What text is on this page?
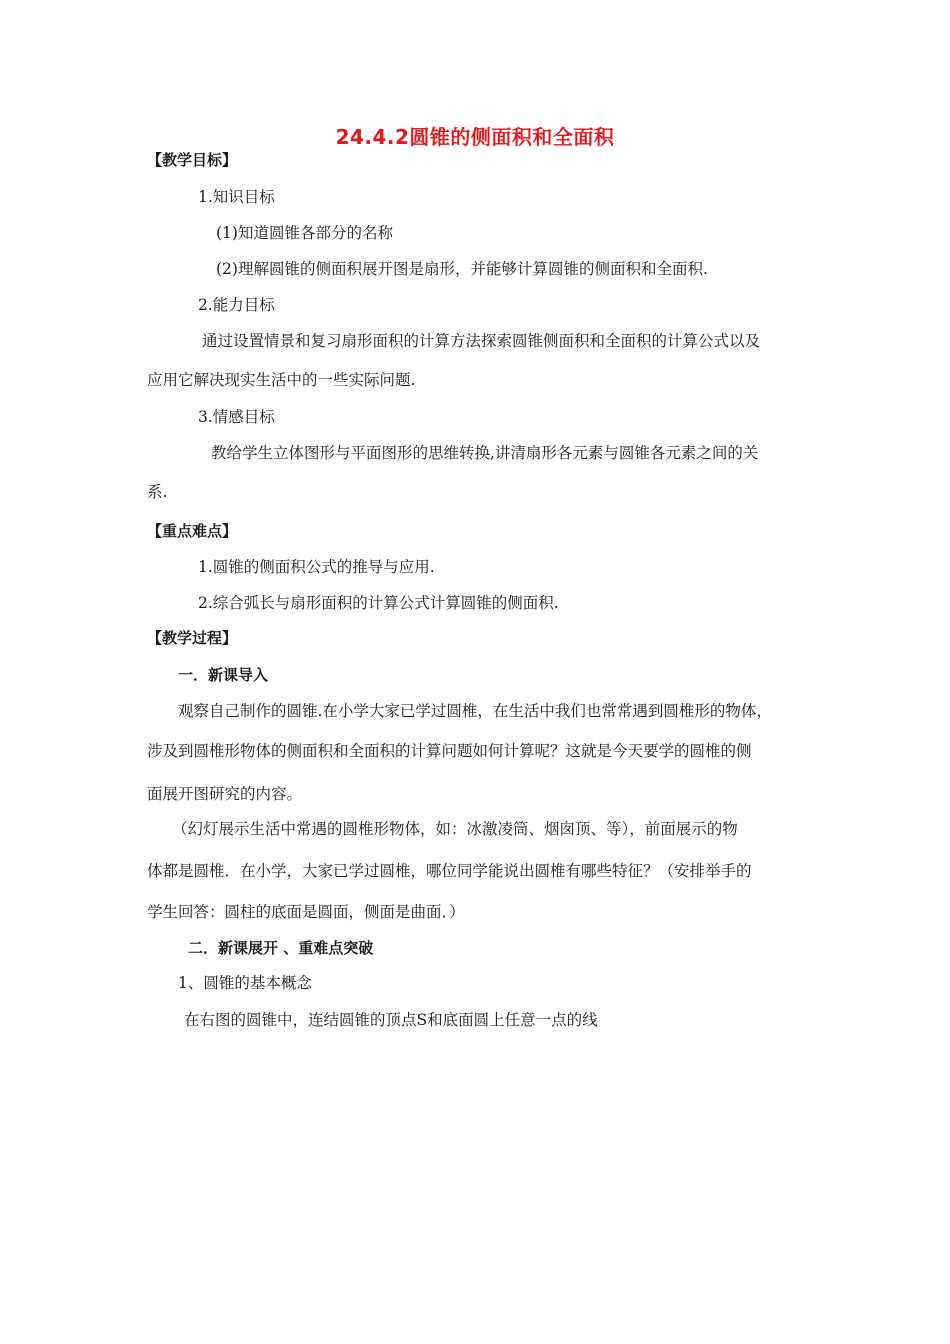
24.4.2圆锥的侧面积和全面积
【教学目标】
1.知识目标
(1)知道圆锥各部分的名称
(2)理解圆锥的侧面积展开图是扇形，并能够计算圆锥的侧面积和全面积.
2.能力目标
通过设置情景和复习扇形面积的计算方法探索圆锥侧面积和全面积的计算公式以及
应用它解决现实生活中的一些实际问题.
3.情感目标
教给学生立体图形与平面图形的思维转换,讲清扇形各元素与圆锥各元素之间的关
系.
【重点难点】
1.圆锥的侧面积公式的推导与应用.
2.综合弧长与扇形面积的计算公式计算圆锥的侧面积.
【教学过程】
一．新课导入
观察自己制作的圆锥.在小学大家已学过圆椎，在生活中我们也常常遇到圆椎形的物体，
涉及到圆椎形物体的侧面积和全面积的计算问题如何计算呢？这就是今天要学的圆椎的侧
面展开图研究的内容。
（幻灯展示生活中常遇的圆椎形物体，如：冰激凌筒、烟囱顶、等），前面展示的物
体都是圆椎．在小学，大家已学过圆椎，哪位同学能说出圆椎有哪些特征？（安排举手的
学生回答：圆柱的底面是圆面，侧面是曲面．）
二．新课展开 、重难点突破
1、圆锥的基本概念
在右图的圆锥中，连结圆锥的顶点S和底面圆上任意一点的线
